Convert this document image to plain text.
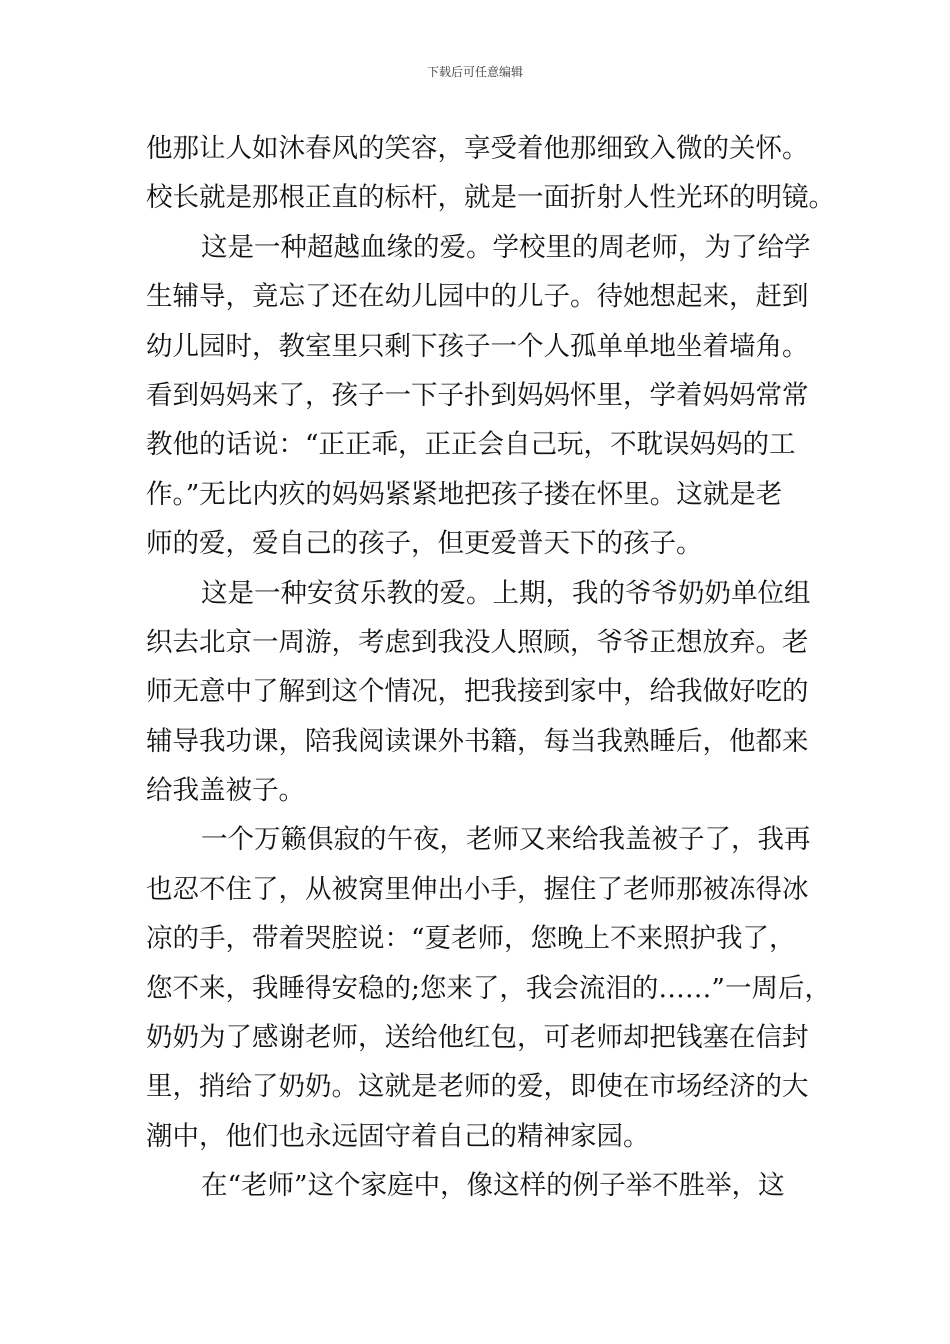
下载后可任意编辑
他那让人如沐春风的笑容，享受着他那细致入微的关怀。
校长就是那根正直的标杆，就是一面折射人性光环的明镜。
这是一种超越血缘的爱。学校里的周老师，为了给学
生辅导，竟忘了还在幼儿园中的儿子。待她想起来，赶到
幼儿园时，教室里只剩下孩子一个人孤单单地坐着墙角。
看到妈妈来了，孩子一下子扑到妈妈怀里，学着妈妈常常
教他的话说：“正正乖，正正会自己玩，不耽误妈妈的工
作。”无比内疚的妈妈紧紧地把孩子搂在怀里。这就是老
师的爱，爱自己的孩子，但更爱普天下的孩子。
这是一种安贫乐教的爱。上期，我的爷爷奶奶单位组
织去北京一周游，考虑到我没人照顾，爷爷正想放弃。老
师无意中了解到这个情况，把我接到家中，给我做好吃的
辅导我功课，陪我阅读课外书籍，每当我熟睡后，他都来
给我盖被子。
一个万籁俱寂的午夜，老师又来给我盖被子了，我再
也忍不住了，从被窝里伸出小手，握住了老师那被冻得冰
凉的手，带着哭腔说：“夏老师，您晚上不来照护我了，
您不来，我睡得安稳的;您来了，我会流泪的……”一周后，
奶奶为了感谢老师，送给他红包，可老师却把钱塞在信封
里，捎给了奶奶。这就是老师的爱，即使在市场经济的大
潮中，他们也永远固守着自己的精神家园。
在“老师”这个家庭中，像这样的例子举不胜举，这
